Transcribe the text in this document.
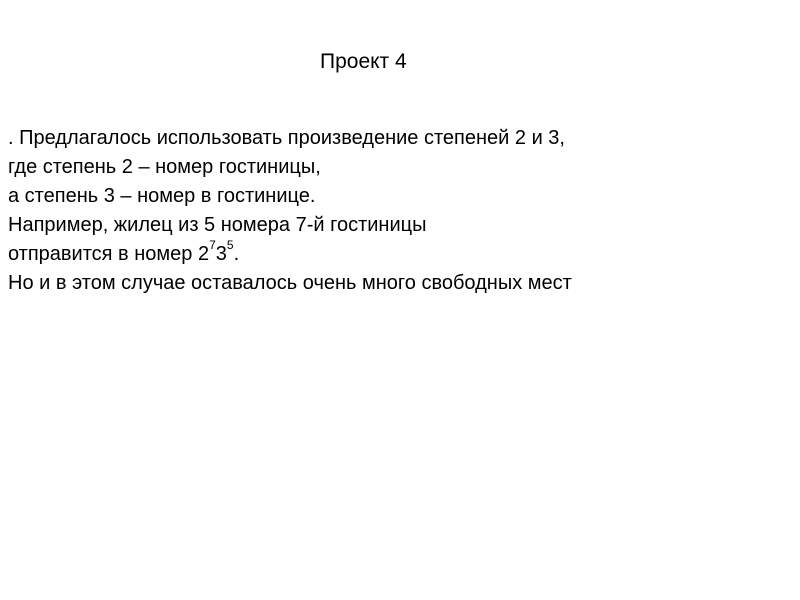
Проект 4
. Предлагалось использовать произведение степеней 2 и 3,
где степень 2 – номер гостиницы,
а степень 3 – номер в гостинице.
Например, жилец из 5 номера 7-й гостиницы
отправится в номер $2^73^5$.
Но и в этом случае оставалось очень много свободных мест
